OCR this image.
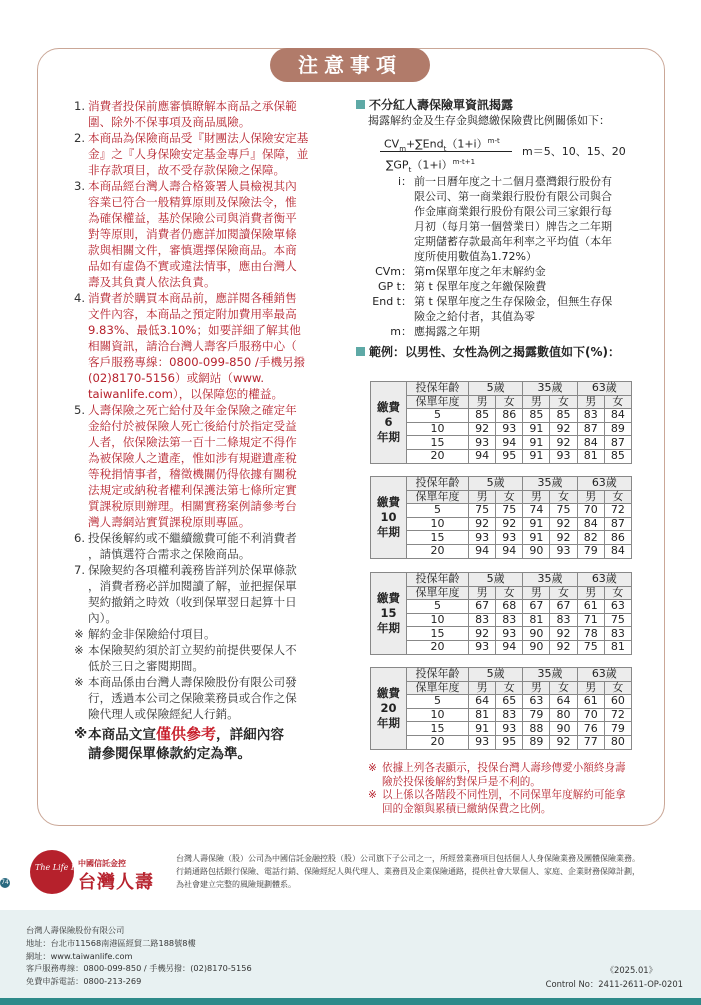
注意事項
1. 消費者投保前應審慎瞭解本商品之承保範
圍、除外不保事項及商品風險。
2. 本商品為保險商品受『財團法人保險安定基
金』之『人身保險安定基金專戶』保障，並
非存款項目，故不受存款保險之保障。
3. 本商品經台灣人壽合格簽署人員檢視其內
容業已符合一般精算原則及保險法令，惟
為確保權益，基於保險公司與消費者衡平
對等原則，消費者仍應詳加閱讀保險單條
款與相關文件，審慎選擇保險商品。本商
品如有虛偽不實或違法情事，應由台灣人
壽及其負責人依法負責。
4. 消費者於購買本商品前，應詳閱各種銷售
文件內容，本商品之預定附加費用率最高
9.83%、最低3.10%；如要詳細了解其他
相關資訊，請洽台灣人壽客戶服務中心（
客戶服務專線：0800-099-850 /手機另撥
(02)8170-5156）或網站（www.
taiwanlife.com），以保障您的權益。
5. 人壽保險之死亡給付及年金保險之確定年
金給付於被保險人死亡後給付於指定受益
人者，依保險法第一百十二條規定不得作
為被保險人之遺產，惟如涉有規避遺產稅
等稅捐情事者，稽徵機關仍得依據有關稅
法規定或納稅者權利保護法第七條所定實
質課稅原則辦理。相關實務案例請參考台
灣人壽網站實質課稅原則專區。
6. 投保後解約或不繼續繳費可能不利消費者
，請慎選符合需求之保險商品。
7. 保險契約各項權利義務皆詳列於保單條款
，消費者務必詳加閱讀了解，並把握保單
契約撤銷之時效（收到保單翌日起算十日
內）。
※ 解約金非保險給付項目。
※ 本保險契約須於訂立契約前提供要保人不
低於三日之審閱期間。
※ 本商品係由台灣人壽保險股份有限公司發
行，透過本公司之保險業務員或合作之保
險代理人或保險經紀人行銷。
※ 本商品文宣僅供參考，詳細內容
請參閱保單條款約定為準。
不分紅人壽保險單資訊揭露
揭露解約金及生存金與總繳保險費比例關係如下：
$CV_m+\sum End_t(1+i)^{m-t}$
$\sum GP_t(1+i)^{m-t+1}$
m＝5、10、15、20
i： 前一日曆年度之十二個月臺灣銀行股份有
限公司、第一商業銀行股份有限公司與合
作金庫商業銀行股份有限公司三家銀行每
月初（每月第一個營業日）牌告之二年期
定期儲蓄存款最高年利率之平均值（本年
度所使用數值為1.72%）
CVm： 第m保單年度之年末解約金
GP t： 第 t 保單年度之年繳保險費
End t： 第 t 保單年度之生存保險金，但無生存保
險金之給付者，其值為零
m： 應揭露之年期
範例：以男性、女性為例之揭露數值如下(%)：
繳費
6
年期	投保年齡	5歲		35歲		63歲	
	保單年度	男	女	男	女	男	女
	5	85	86	85	85	83	84
	10	92	93	91	92	87	89
	15	93	94	91	92	84	87
	20	94	95	91	93	81	85
繳費
10
年期	投保年齡	5歲		35歲		63歲	
	保單年度	男	女	男	女	男	女
	5	75	75	74	75	70	72
	10	92	92	91	92	84	87
	15	93	93	91	92	82	86
	20	94	94	90	93	79	84
繳費
15
年期	投保年齡	5歲		35歲		63歲	
	保單年度	男	女	男	女	男	女
	5	67	68	67	67	61	63
	10	83	83	81	83	71	75
	15	92	93	90	92	78	83
	20	93	94	90	92	75	81
繳費
20
年期	投保年齡	5歲		35歲		63歲	
	保單年度	男	女	男	女	男	女
	5	64	65	63	64	61	60
	10	81	83	79	80	70	72
	15	91	93	88	90	76	79
	20	93	95	89	92	77	80
※ 依據上列各表顯示，投保台灣人壽珍傳愛小額終身壽
險於投保後解約對保戶是不利的。
※ 以上係以各階段不同性別，不同保單年度解約可能拿
回的金額與累積已繳納保費之比例。
The Life Family
中國信託金控
台灣人壽
74
台灣人壽保險（股）公司為中國信託金融控股（股）公司旗下子公司之一，所經營業務項目包括個人人身保險業務及團體保險業務。
行銷通路包括銀行保險、電話行銷、保險經紀人與代理人、業務員及企業保險通路，提供社會大眾個人、家庭、企業財務保障計劃，
為社會建立完整的風險規劃體系。
台灣人壽保險股份有限公司
地址：台北市11568南港區經貿二路188號8樓
網址：www.taiwanlife.com
客戶服務專線：0800-099-850 / 手機另撥：(02)8170-5156
免費申訴電話：0800-213-269
《2025.01》
Control No：2411-2611-OP-0201
